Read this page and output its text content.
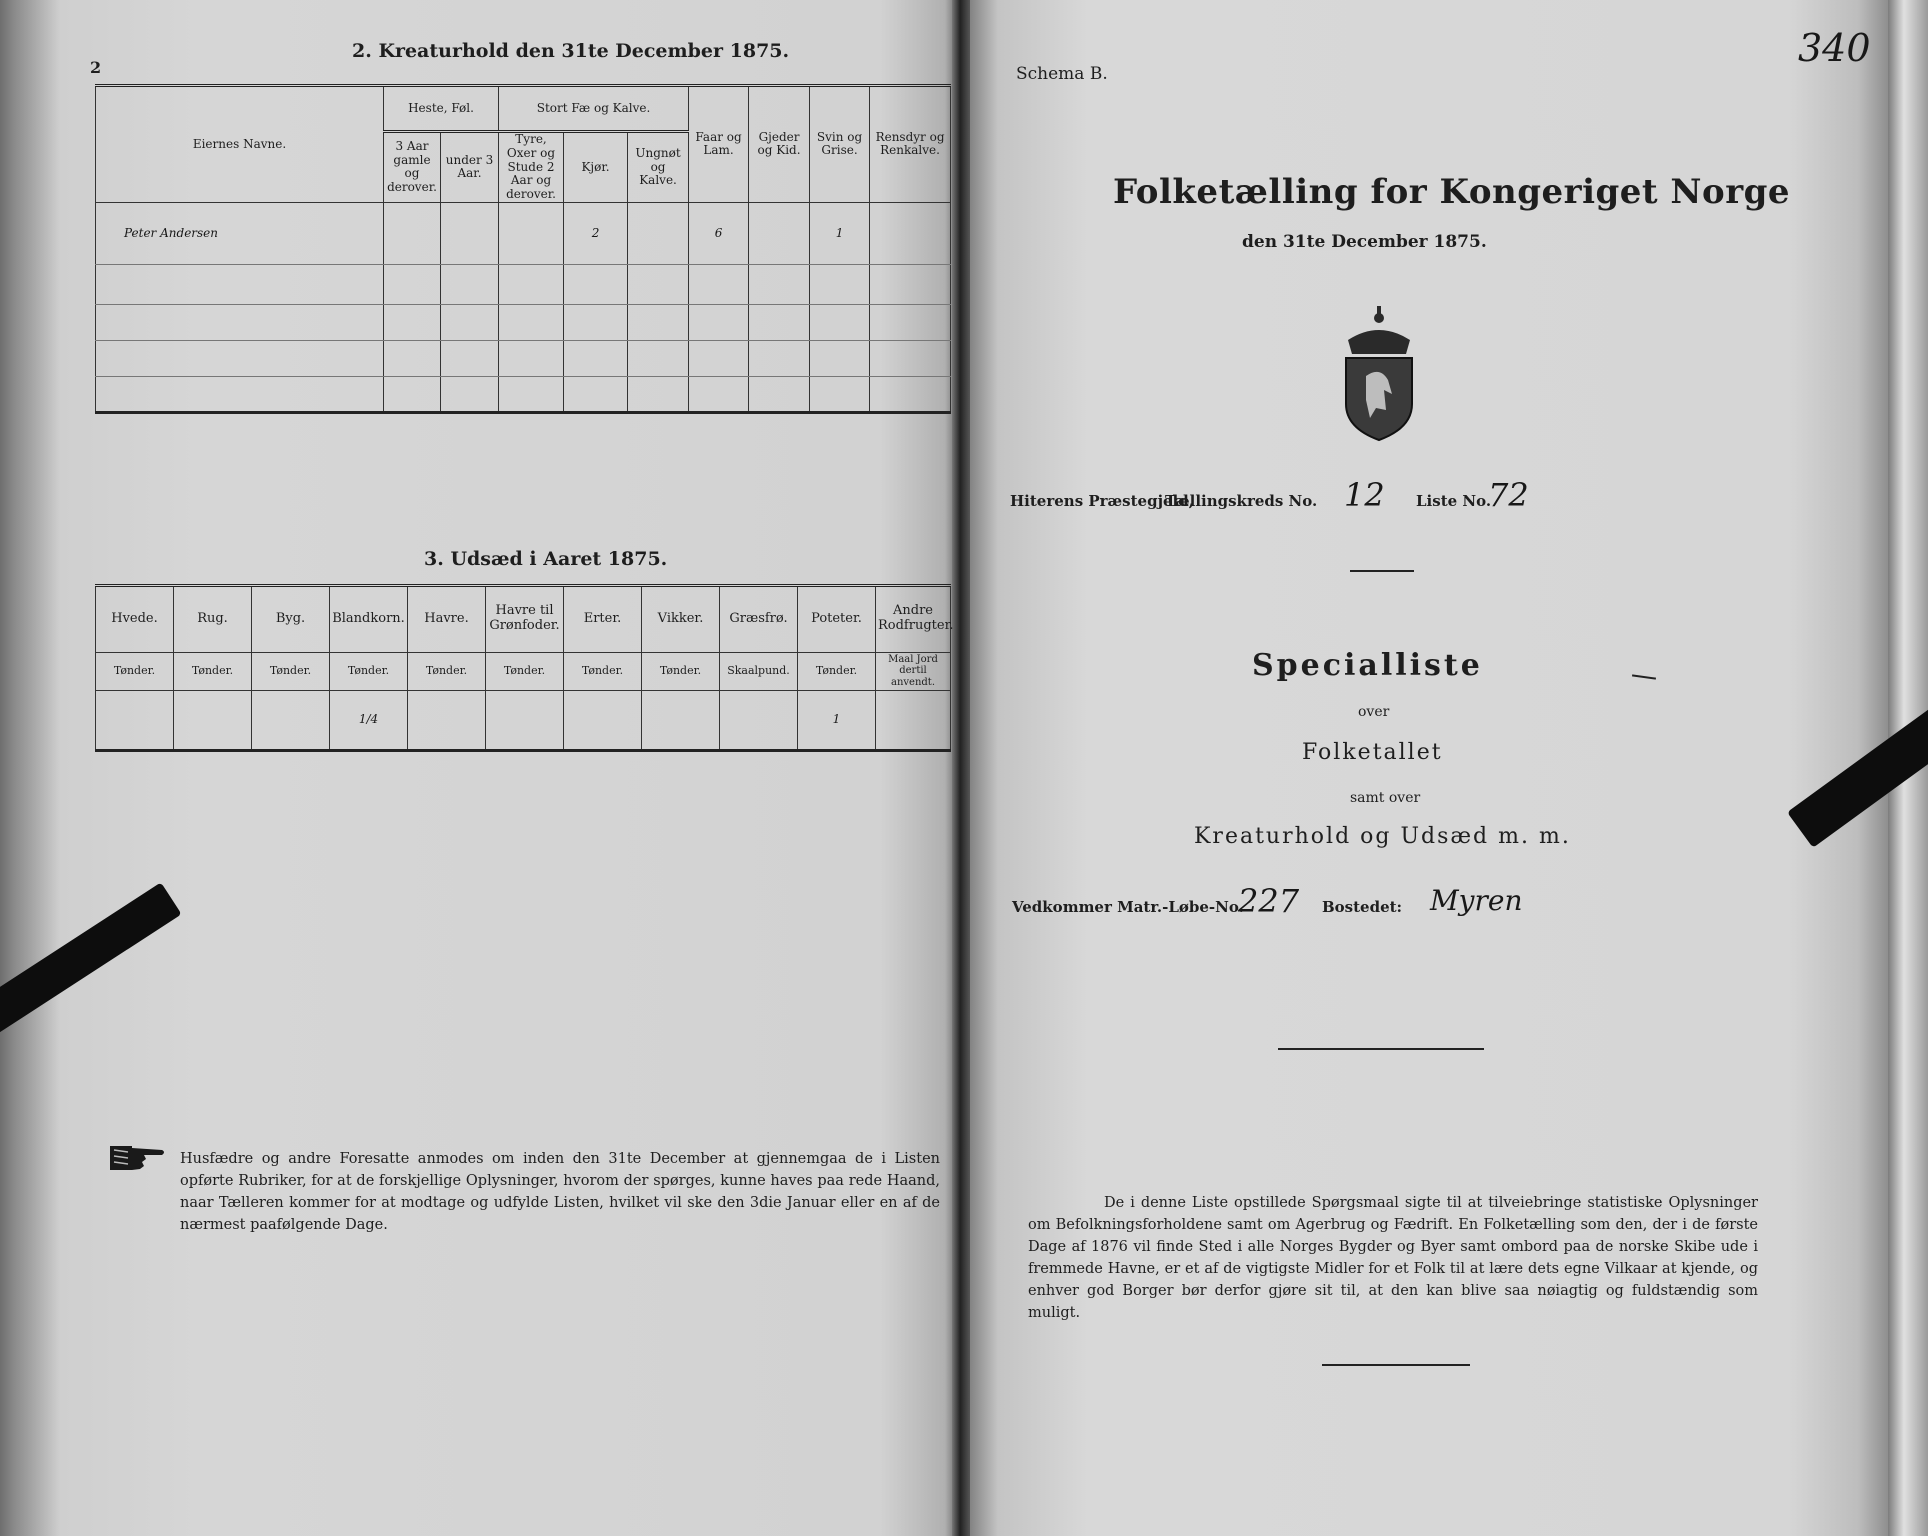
2
2. Kreaturhold den 31te December 1875.
Eiernes Navne.	Heste, Føl.		Stort Fæ og Kalve.			Faar og Lam.	Gjeder og Kid.	Svin og Grise.	Rensdyr og Renkalve.
	3 Aar gamle og derover.	under 3 Aar.	Tyre, Oxer og Stude 2 Aar og derover.	Kjør.	Ungnøt og Kalve.				
Peter Andersen				2		6		1	

3. Udsæd i Aaret 1875.
Hvede.	Rug.	Byg.	Blandkorn.	Havre.	Havre til Grønfoder.	Erter.	Vikker.	Græsfrø.	Poteter.	Andre Rodfrugter.
Tønder.	Tønder.	Tønder.	Tønder.	Tønder.	Tønder.	Tønder.	Tønder.	Skaalpund.	Tønder.	Maal Jord dertil anvendt.
			1/4						1	
Husfædre og andre Foresatte anmodes om inden den 31te December at gjennemgaa de i Listen opførte Rubriker, for at de forskjellige Oplysninger, hvorom der spørges, kunne haves paa rede Haand, naar Tælleren kommer for at modtage og udfylde Listen, hvilket vil ske den 3die Januar eller en af de nærmest paafølgende Dage.
Schema B.
340
Folketælling for Kongeriget Norge
den 31te December 1875.
Hiterens Præstegjeld,
Tællingskreds No. 12 Liste No.
72
Specialliste
over
Folketallet
samt over
Kreaturhold og Udsæd m. m.
Vedkommer Matr.-Løbe-No.
227 Bostedet: Myren
De i denne Liste opstillede Spørgsmaal sigte til at tilveiebringe statistiske Oplysninger om Befolkningsforholdene samt om Agerbrug og Fædrift. En Folketælling som den, der i de første Dage af 1876 vil finde Sted i alle Norges Bygder og Byer samt ombord paa de norske Skibe ude i fremmede Havne, er et af de vigtigste Midler for et Folk til at lære dets egne Vilkaar at kjende, og enhver god Borger bør derfor gjøre sit til, at den kan blive saa nøiagtig og fuldstændig som muligt.
